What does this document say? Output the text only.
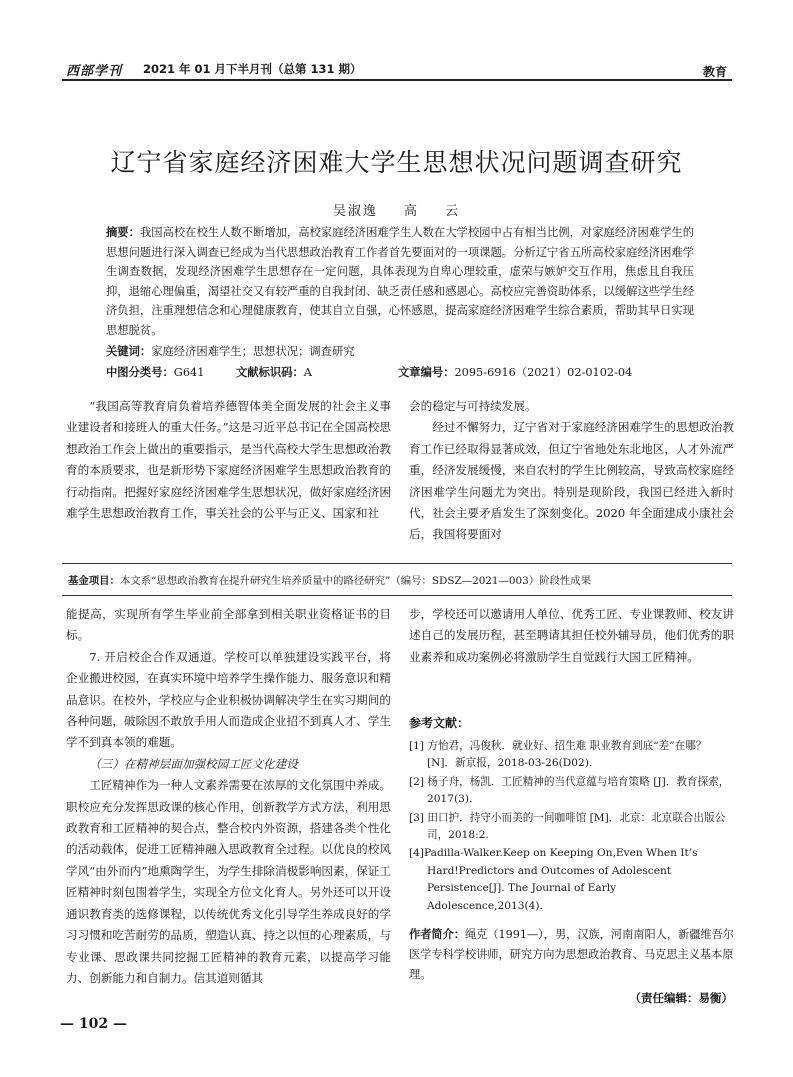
西部学刊 2021 年 01 月下半月刊（总第 131 期）	教育
辽宁省家庭经济困难大学生思想状况问题调查研究
吴淑逸 高 云
摘要：我国高校在校生人数不断增加，高校家庭经济困难学生人数在大学校园中占有相当比例，对家庭经济困难学生的思想问题进行深入调查已经成为当代思想政治教育工作者首先要面对的一项课题。分析辽宁省五所高校家庭经济困难学生调查数据，发现经济困难学生思想存在一定问题，具体表现为自卑心理较重，虚荣与嫉妒交互作用，焦虑且自我压抑，退缩心理偏重，渴望社交又有较严重的自我封闭、缺乏责任感和感恩心。高校应完善资助体系，以缓解这些学生经济负担，注重理想信念和心理健康教育，使其自立自强，心怀感恩，提高家庭经济困难学生综合素质，帮助其早日实现思想脱贫。
关键词：家庭经济困难学生；思想状况；调查研究
中图分类号：G641	文献标识码：A	文章编号：2095-6916（2021）02-0102-04

“我国高等教育肩负着培养德智体美全面发展的社会主义事业建设者和接班人的重大任务。”这是习近平总书记在全国高校思想政治工作会上做出的重要指示，是当代高校大学生思想政治教育的本质要求，也是新形势下家庭经济困难学生思想政治教育的行动指南。把握好家庭经济困难学生思想状况，做好家庭经济困难学生思想政治教育工作，事关社会的公平与正义、国家和社

会的稳定与可持续发展。

经过不懈努力，辽宁省对于家庭经济困难学生的思想政治教育工作已经取得显著成效，但辽宁省地处东北地区，人才外流严重，经济发展缓慢，来自农村的学生比例较高，导致高校家庭经济困难学生问题尤为突出。特别是现阶段，我国已经进入新时代，社会主要矛盾发生了深刻变化。2020 年全面建成小康社会后，我国将要面对

基金项目：本文系“思想政治教育在提升研究生培养质量中的路径研究”（编号：SDSZ—2021—003）阶段性成果

能提高，实现所有学生毕业前全部拿到相关职业资格证书的目标。

7. 开启校企合作双通道。学校可以单独建设实践平台，将企业搬进校园，在真实环境中培养学生操作能力、服务意识和精品意识。在校外，学校应与企业积极协调解决学生在实习期间的各种问题，破除因不敢放手用人而造成企业招不到真人才、学生学不到真本领的难题。

（三）在精神层面加强校园工匠文化建设

工匠精神作为一种人文素养需要在浓厚的文化氛围中养成。职校应充分发挥思政课的核心作用，创新教学方式方法，利用思政教育和工匠精神的契合点，整合校内外资源，搭建各类个性化的活动载体，促进工匠精神融入思政教育全过程。以优良的校风学风“由外而内”地熏陶学生，为学生排除消极影响因素，保证工匠精神时刻包围着学生，实现全方位文化育人。另外还可以开设通识教育类的选修课程，以传统优秀文化引导学生养成良好的学习习惯和吃苦耐劳的品质，塑造认真、持之以恒的心理素质，与专业课、思政课共同挖掘工匠精神的教育元素，以提高学习能力、创新能力和自制力。信其道则循其

步，学校还可以邀请用人单位、优秀工匠、专业课教师、校友讲述自己的发展历程，甚至聘请其担任校外辅导员，他们优秀的职业素养和成功案例必将激励学生自觉践行大国工匠精神。

参考文献：
[1] 方怡君，冯俊秋．就业好、招生难 职业教育到底“差”在哪？[N]．新京报，2018-03-26(D02).
[2] 杨子舟，杨凯．工匠精神的当代意蕴与培育策略 [J]．教育探索，2017(3).
[3] 田口护．持守小而美的一间咖啡馆 [M]．北京：北京联合出版公司，2018:2.
[4]Padilla-Walker.Keep on Keeping On,Even When It’s Hard!Predictors and Outcomes of Adolescent Persistence[J]. The Journal of Early Adolescence,2013(4).
作者简介：绳克（1991—），男，汉族，河南南阳人，新疆维吾尔医学专科学校讲师，研究方向为思想政治教育、马克思主义基本原理。
（责任编辑：易衡）
— 102 —
